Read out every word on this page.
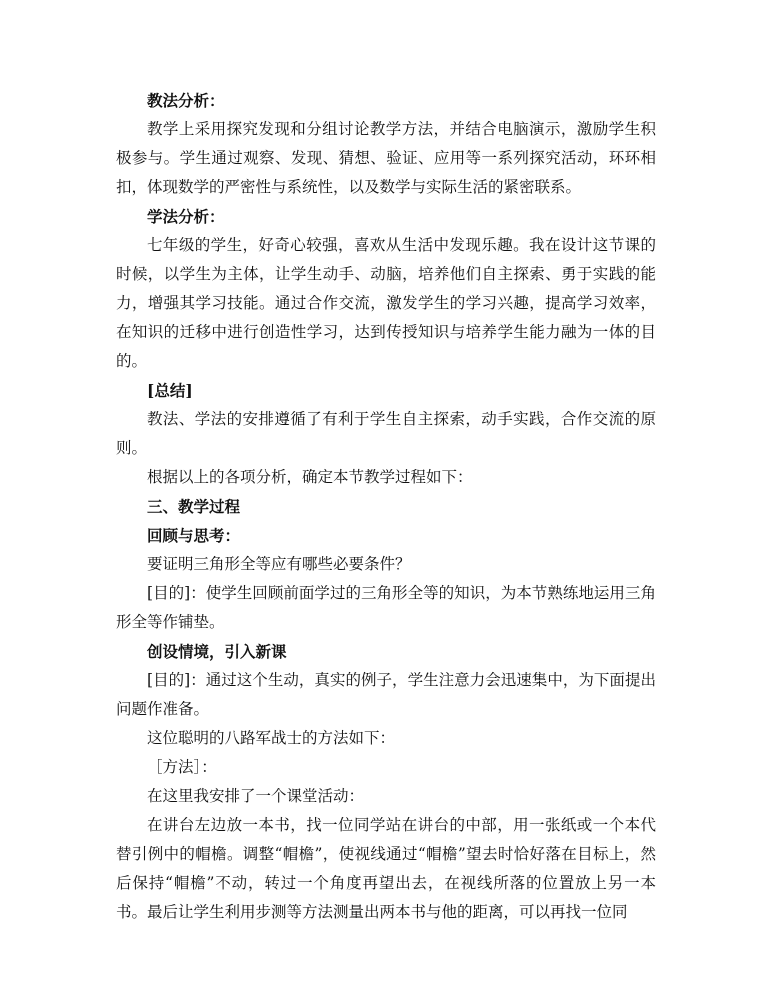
教法分析：

教学上采用探究发现和分组讨论教学方法，并结合电脑演示，激励学生积极参与。学生通过观察、发现、猜想、验证、应用等一系列探究活动，环环相扣，体现数学的严密性与系统性，以及数学与实际生活的紧密联系。

学法分析：

七年级的学生，好奇心较强，喜欢从生活中发现乐趣。我在设计这节课的时候，以学生为主体，让学生动手、动脑，培养他们自主探索、勇于实践的能力，增强其学习技能。通过合作交流，激发学生的学习兴趣，提高学习效率，在知识的迁移中进行创造性学习，达到传授知识与培养学生能力融为一体的目的。

[总结]

教法、学法的安排遵循了有利于学生自主探索，动手实践，合作交流的原则。

根据以上的各项分析，确定本节教学过程如下：

三、教学过程

回顾与思考：

要证明三角形全等应有哪些必要条件？

[目的]：使学生回顾前面学过的三角形全等的知识，为本节熟练地运用三角形全等作铺垫。

创设情境，引入新课

[目的]：通过这个生动，真实的例子，学生注意力会迅速集中，为下面提出问题作准备。

这位聪明的八路军战士的方法如下：

［方法］：

在这里我安排了一个课堂活动：

在讲台左边放一本书，找一位同学站在讲台的中部，用一张纸或一个本代替引例中的帽檐。调整“帽檐”，使视线通过“帽檐”望去时恰好落在目标上，然后保持“帽檐”不动，转过一个角度再望出去，在视线所落的位置放上另一本书。最后让学生利用步测等方法测量出两本书与他的距离，可以再找一位同
